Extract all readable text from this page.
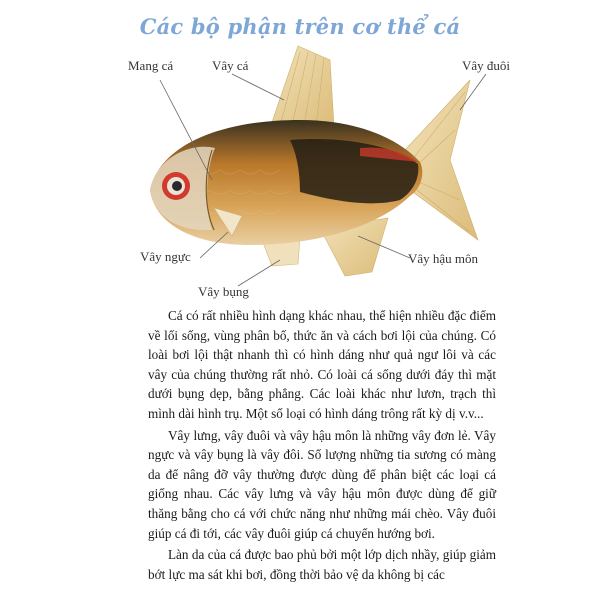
Các bộ phận trên cơ thể cá
Mang cá	Vây cá	Vây đuôi
Vây ngực	Vây hậu môn
Vây bụng

Cá có rất nhiều hình dạng khác nhau, thể hiện nhiều đặc điểm về lối sống, vùng phân bố, thức ăn và cách bơi lội của chúng. Có loài bơi lội thật nhanh thì có hình dáng như quả ngư lôi và các vây của chúng thường rất nhỏ. Có loài cá sống dưới đáy thì mặt dưới bụng dẹp, bằng phẳng. Các loài khác như lươn, trạch thì mình dài hình trụ. Một số loại có hình dáng trông rất kỳ dị v.v...

Vây lưng, vây đuôi và vây hậu môn là những vây đơn lẻ. Vây ngực và vây bụng là vây đôi. Số lượng những tia sương có màng da để nâng đỡ vây thường được dùng để phân biệt các loại cá giống nhau. Các vây lưng và vây hậu môn được dùng để giữ thăng bằng cho cá với chức năng như những mái chèo. Vây đuôi giúp cá đi tới, các vây đuôi giúp cá chuyển hướng bơi.

Làn da của cá được bao phủ bởi một lớp dịch nhầy, giúp giảm bớt lực ma sát khi bơi, đồng thời bảo vệ da không bị các
